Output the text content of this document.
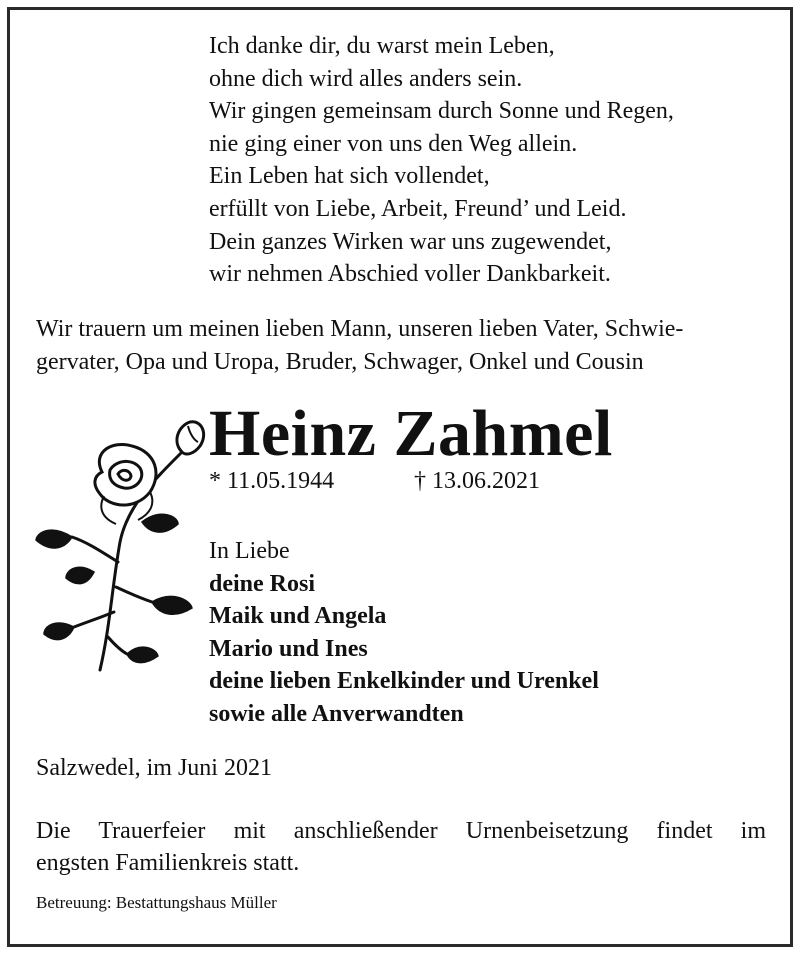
Ich danke dir, du warst mein Leben,
ohne dich wird alles anders sein.
Wir gingen gemeinsam durch Sonne und Regen,
nie ging einer von uns den Weg allein.
Ein Leben hat sich vollendet,
erfüllt von Liebe, Arbeit, Freund’ und Leid.
Dein ganzes Wirken war uns zugewendet,
wir nehmen Abschied voller Dankbarkeit.
Wir trauern um meinen lieben Mann, unseren lieben Vater, Schwie-
gervater, Opa und Uropa, Bruder, Schwager, Onkel und Cousin
Heinz Zahmel
* 11.05.1944	† 13.06.2021
In Liebe
deine Rosi
Maik und Angela
Mario und Ines
deine lieben Enkelkinder und Urenkel
sowie alle Anverwandten
Salzwedel, im Juni 2021
Die Trauerfeier mit anschließender Urnenbeisetzung findet im
engsten Familienkreis statt.
Betreuung: Bestattungshaus Müller
